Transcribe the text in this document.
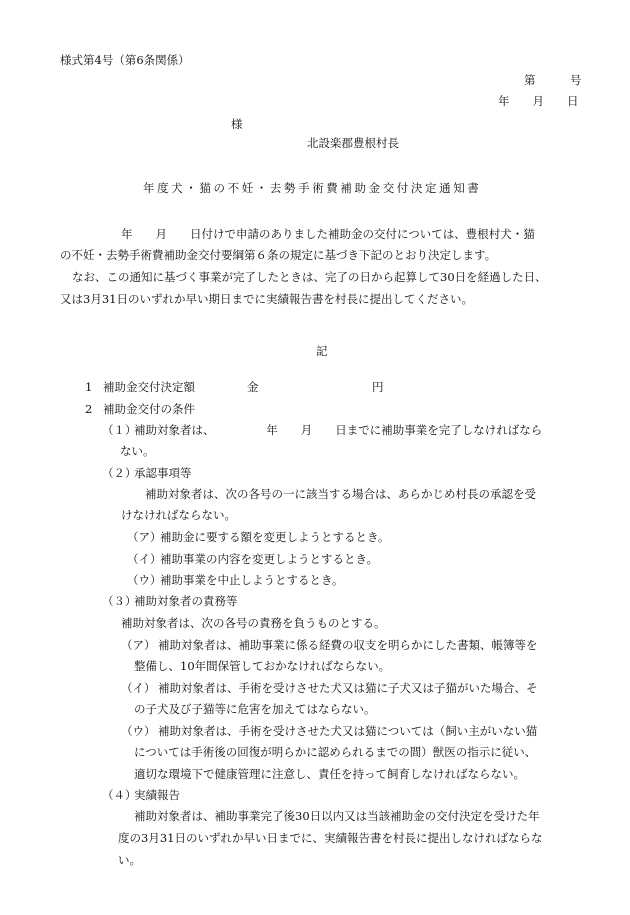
様式第4号（第6条関係）
第　　　号
年　　月　　日
様
北設楽郡豊根村長
年度犬・猫の不妊・去勢手術費補助金交付決定通知書
年　　月　　日付けで申請のありました補助金の交付については、豊根村犬・猫
の不妊・去勢手術費補助金交付要綱第６条の規定に基づき下記のとおり決定します。
なお、この通知に基づく事業が完了したときは、完了の日から起算して30日を経過した日、
又は3月31日のいずれか早い期日までに実績報告書を村長に提出してください。
記
1 補助金交付決定額	金	円
2 補助金交付の条件
（１）
補助対象者は、　　　　　年　　月　　日までに補助事業を完了しなければなら
ない。
（２）
承認事項等
補助対象者は、次の各号の一に該当する場合は、あらかじめ村長の承認を受
けなければならない。
（ア）
補助金に要する額を変更しようとするとき。
（イ）
補助事業の内容を変更しようとするとき。
（ウ）
補助事業を中止しようとするとき。
（３）
補助対象者の責務等
補助対象者は、次の各号の責務を負うものとする。
（ア） 補助対象者は、補助事業に係る経費の収支を明らかにした書類、帳簿等を
整備し、10年間保管しておかなければならない。
（イ） 補助対象者は、手術を受けさせた犬又は猫に子犬又は子猫がいた場合、そ
の子犬及び子猫等に危害を加えてはならない。
（ウ） 補助対象者は、手術を受けさせた犬又は猫については（飼い主がいない猫
については手術後の回復が明らかに認められるまでの間）獣医の指示に従い、
適切な環境下で健康管理に注意し、責任を持って飼育しなければならない。
（４）
実績報告
補助対象者は、補助事業完了後30日以内又は当該補助金の交付決定を受けた年
度の3月31日のいずれか早い日までに、実績報告書を村長に提出しなければならな
い。
